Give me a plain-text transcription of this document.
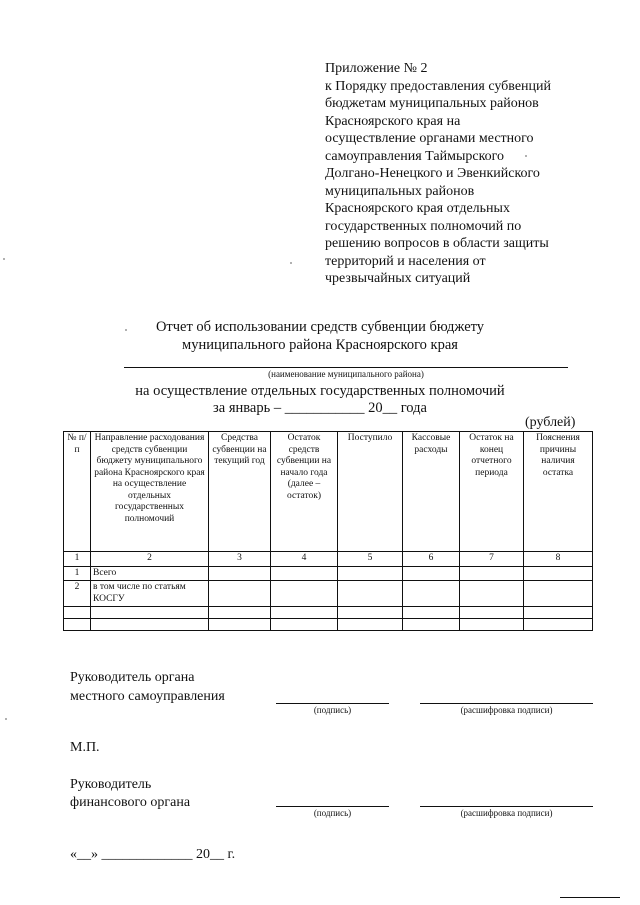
Приложение № 2
к Порядку предоставления субвенций
бюджетам муниципальных районов
Красноярского края на
осуществление органами местного
самоуправления Таймырского
Долгано-Ненецкого и Эвенкийского
муниципальных районов
Красноярского края отдельных
государственных полномочий по
решению вопросов в области защиты
территорий и населения от
чрезвычайных ситуаций
Отчет об использовании средств субвенции бюджету
муниципального района Красноярского края
(наименование муниципального района)
на осуществление отдельных государственных полномочий
за январь – ___________ 20__ года
(рублей)
№ п/п	Направление расходования средств субвенции бюджету муниципального района Красноярского края на осуществление отдельных государственных полномочий	Средства субвенции на текущий год	Остаток средств субвенции на начало года (далее – остаток)	Поступило	Кассовые расходы	Остаток на конец отчетного периода	Пояснения причины наличия остатка
1	2	3	4	5	6	7	8
1	Всего						
2	в том числе по статьям КОСГУ						

Руководитель органа
местного самоуправления
(подпись)	(расшифровка подписи)
М.П.
Руководитель
финансового органа
(подпись)	(расшифровка подписи)
«__» _____________ 20__ г.
